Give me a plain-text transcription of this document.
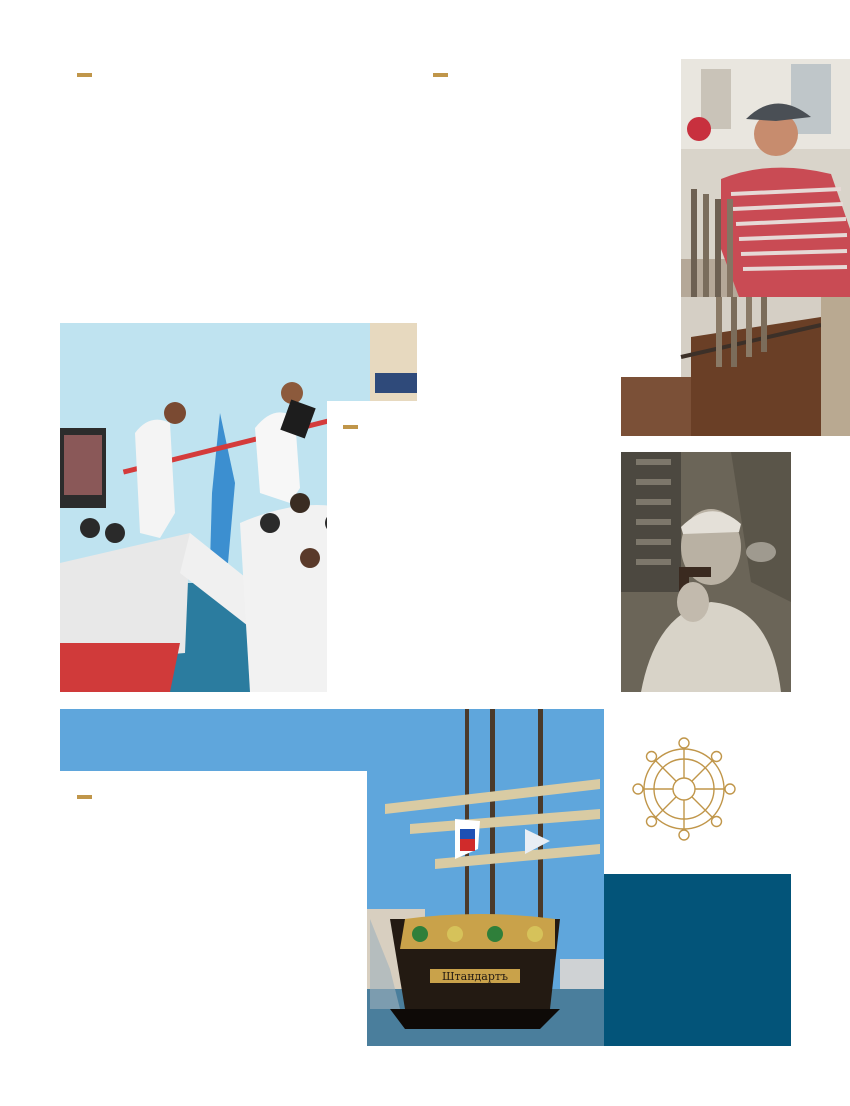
Штандартъ
